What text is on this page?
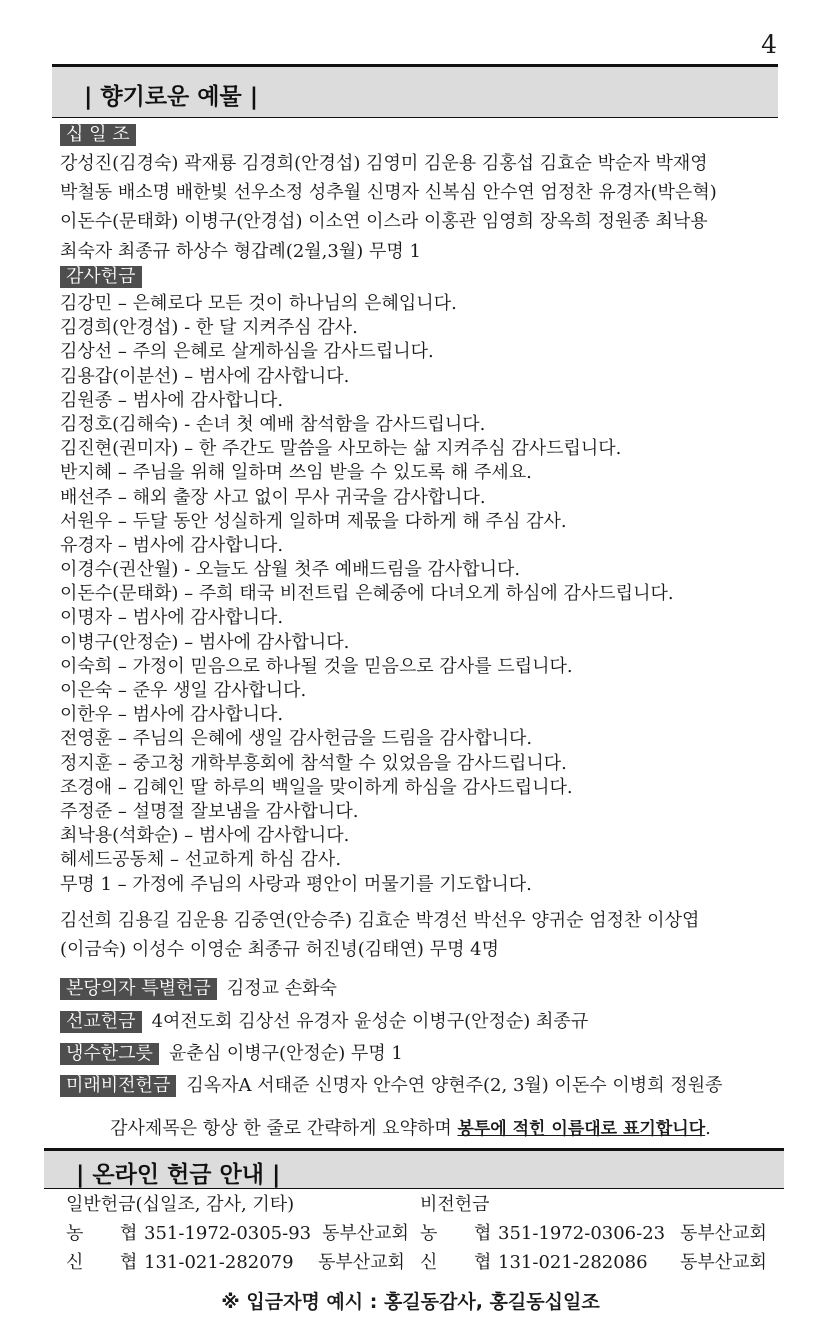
4
| 향기로운 예물 |
십 일 조
강성진(김경숙) 곽재룡 김경희(안경섭) 김영미 김운용 김홍섭 김효순 박순자 박재영
박철동 배소명 배한빛 선우소정 성추월 신명자 신복심 안수연 엄정찬 유경자(박은혁)
이돈수(문태화) 이병구(안경섭) 이소연 이스라 이홍관 임영희 장옥희 정원종 최낙용
최숙자 최종규 하상수 형갑례(2월,3월) 무명 1
감사헌금
김강민 – 은혜로다 모든 것이 하나님의 은혜입니다.
김경희(안경섭) - 한 달 지켜주심 감사.
김상선 – 주의 은혜로 살게하심을 감사드립니다.
김용갑(이분선) – 범사에 감사합니다.
김원종 – 범사에 감사합니다.
김정호(김해숙) - 손녀 첫 예배 참석함을 감사드립니다.
김진현(권미자) – 한 주간도 말씀을 사모하는 삶 지켜주심 감사드립니다.
반지혜 – 주님을 위해 일하며 쓰임 받을 수 있도록 해 주세요.
배선주 – 해외 출장 사고 없이 무사 귀국을 감사합니다.
서원우 – 두달 동안 성실하게 일하며 제몫을 다하게 해 주심 감사.
유경자 – 범사에 감사합니다.
이경수(권산월) - 오늘도 삼월 첫주 예배드림을 감사합니다.
이돈수(문태화) – 주희 태국 비전트립 은혜중에 다녀오게 하심에 감사드립니다.
이명자 – 범사에 감사합니다.
이병구(안정순) – 범사에 감사합니다.
이숙희 – 가정이 믿음으로 하나될 것을 믿음으로 감사를 드립니다.
이은숙 – 준우 생일 감사합니다.
이한우 – 범사에 감사합니다.
전영훈 – 주님의 은혜에 생일 감사헌금을 드림을 감사합니다.
정지훈 – 중고청 개학부흥회에 참석할 수 있었음을 감사드립니다.
조경애 – 김혜인 딸 하루의 백일을 맞이하게 하심을 감사드립니다.
주정준 – 설명절 잘보냄을 감사합니다.
최낙용(석화순) – 범사에 감사합니다.
헤세드공동체 – 선교하게 하심 감사.
무명 1 – 가정에 주님의 사랑과 평안이 머물기를 기도합니다.
김선희 김용길 김운용 김중연(안승주) 김효순 박경선 박선우 양귀순 엄정찬 이상엽
(이금숙) 이성수 이영순 최종규 허진녕(김태연) 무명 4명
본당의자 특별헌금 김정교 손화숙
선교헌금 4여전도회 김상선 유경자 윤성순 이병구(안정순) 최종규
냉수한그릇 윤춘심 이병구(안정순) 무명 1
미래비전헌금 김옥자A 서태준 신명자 안수연 양현주(2, 3월) 이돈수 이병희 정원종
감사제목은 항상 한 줄로 간략하게 요약하며 봉투에 적힌 이름대로 표기합니다.
| 온라인 헌금 안내 |
일반헌금(십일조, 감사, 기타)	비전헌금
농 협 351-1972-0305-93 동부산교회 농 협 351-1972-0306-23 동부산교회
신 협 131-021-282079 동부산교회 신 협 131-021-282086 동부산교회
※ 입금자명 예시 : 홍길동감사, 홍길동십일조
